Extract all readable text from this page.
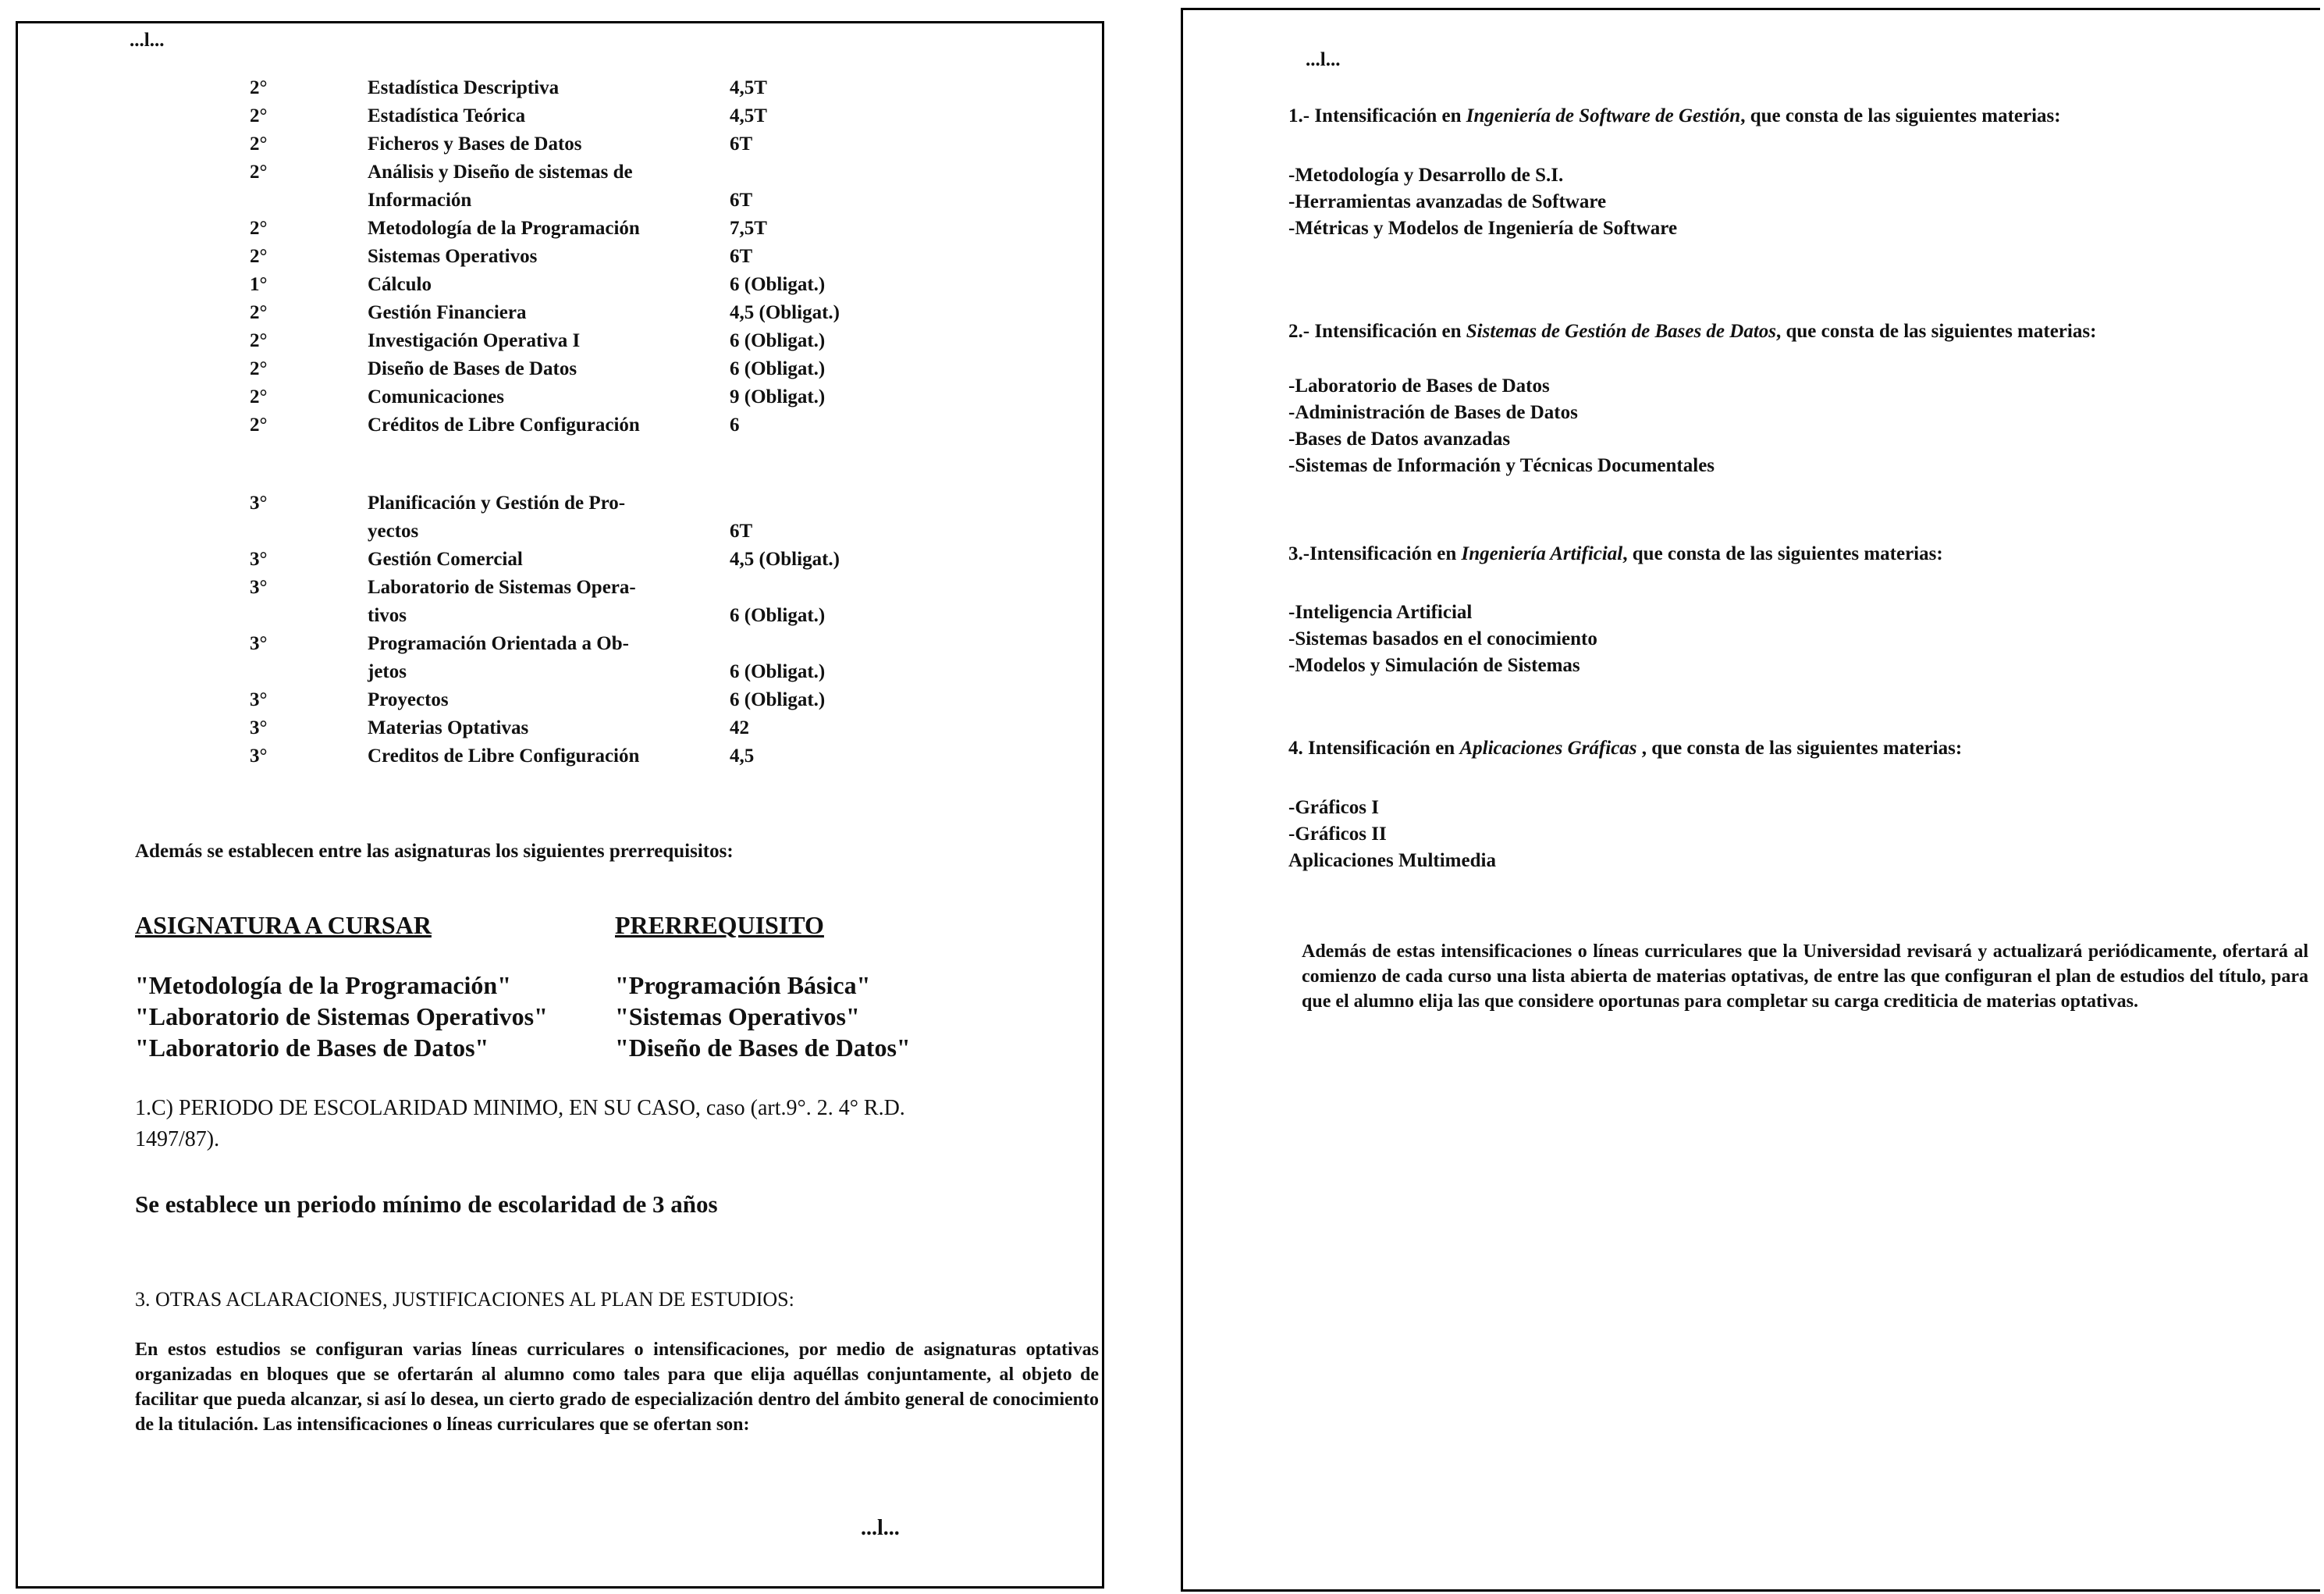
...l...
2°	Estadística Descriptiva	4,5T
2°	Estadística Teórica	4,5T
2°	Ficheros y Bases de Datos	6T
2°	Análisis y Diseño de sistemas de
Información	6T
2°	Metodología de la Programación	7,5T
2°	Sistemas Operativos	6T
1°	Cálculo	6 (Obligat.)
2°	Gestión Financiera	4,5 (Obligat.)
2°	Investigación Operativa I	6 (Obligat.)
2°	Diseño de Bases de Datos	6 (Obligat.)
2°	Comunicaciones	9 (Obligat.)
2°	Créditos de Libre Configuración	6
3°	Planificación y Gestión de Pro-
yectos	6T
3°	Gestión Comercial	4,5 (Obligat.)
3°	Laboratorio de Sistemas Opera-
tivos	6 (Obligat.)
3°	Programación Orientada a Ob-
jetos	6 (Obligat.)
3°	Proyectos	6 (Obligat.)
3°	Materias Optativas	42
3°	Creditos de Libre Configuración	4,5
Además se establecen entre las asignaturas los siguientes prerrequisitos:
ASIGNATURA A CURSAR	PRERREQUISITO
"Metodología de la Programación"	"Programación Básica"
"Laboratorio de Sistemas Operativos"	"Sistemas Operativos"
"Laboratorio de Bases de Datos"	"Diseño de Bases de Datos"
1.C) PERIODO DE ESCOLARIDAD MINIMO, EN SU CASO, caso (art.9°. 2. 4° R.D.
1497/87).
Se establece un periodo mínimo de escolaridad de 3 años
3. OTRAS ACLARACIONES, JUSTIFICACIONES AL PLAN DE ESTUDIOS:
En estos estudios se configuran varias líneas curriculares o intensificaciones, por medio de asignaturas optativas organizadas en bloques que se ofertarán al alumno como tales para que elija aquéllas conjuntamente, al objeto de facilitar que pueda alcanzar, si así lo desea, un cierto grado de especialización dentro del ámbito general de conocimiento de la titulación. Las intensificaciones o líneas curriculares que se ofertan son:
...l...
...l...
1.- Intensificación en Ingeniería de Software de Gestión, que consta de las siguientes materias:
-Metodología y Desarrollo de S.I.
-Herramientas avanzadas de Software
-Métricas y Modelos de Ingeniería de Software
2.- Intensificación en Sistemas de Gestión de Bases de Datos, que consta de las siguientes materias:
-Laboratorio de Bases de Datos
-Administración de Bases de Datos
-Bases de Datos avanzadas
-Sistemas de Información y Técnicas Documentales
3.-Intensificación en Ingeniería Artificial, que consta de las siguientes materias:
-Inteligencia Artificial
-Sistemas basados en el conocimiento
-Modelos y Simulación de Sistemas
4. Intensificación en Aplicaciones Gráficas , que consta de las siguientes materias:
-Gráficos I
-Gráficos II
Aplicaciones Multimedia
Además de estas intensificaciones o líneas curriculares que la Universidad revisará y actualizará periódicamente, ofertará al comienzo de cada curso una lista abierta de materias optativas, de entre las que configuran el plan de estudios del título, para que el alumno elija las que considere oportunas para completar su carga crediticia de materias optativas.
